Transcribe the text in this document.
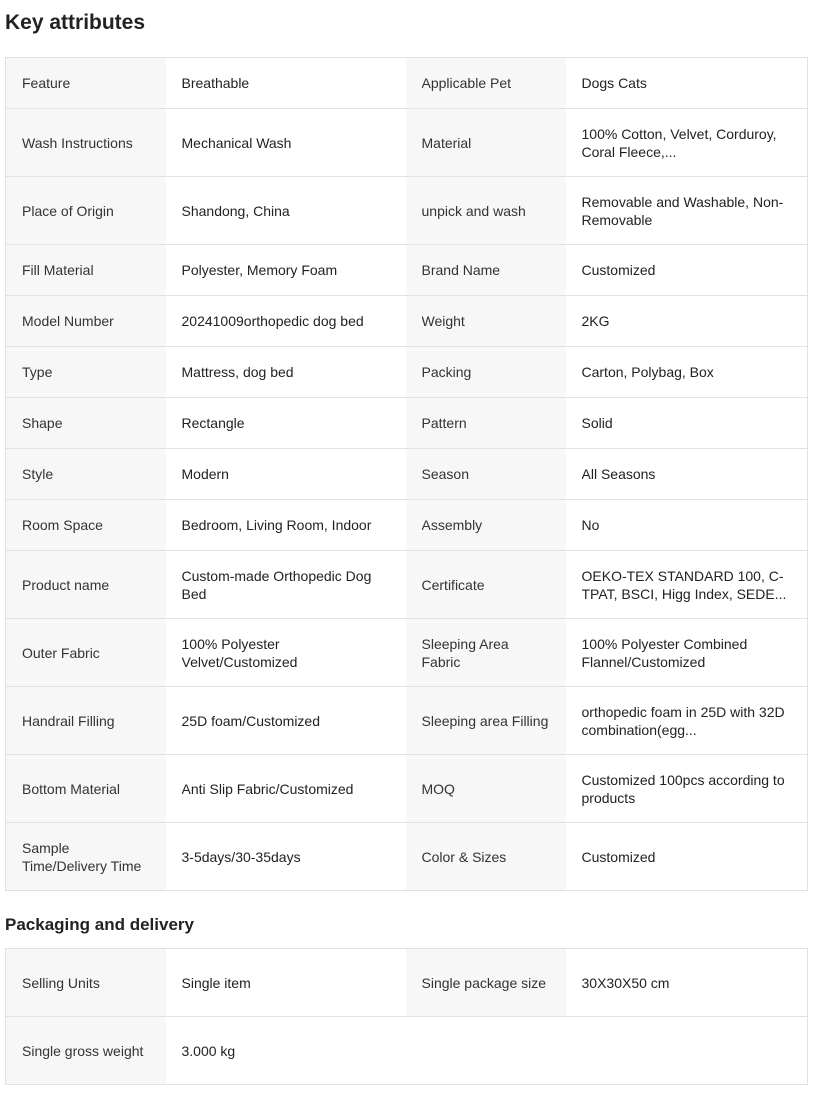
Key attributes
Feature	Breathable	Applicable Pet	Dogs Cats

Wash Instructions	Mechanical Wash	Material	100% Cotton, Velvet, Corduroy, Coral Fleece,...

Place of Origin	Shandong, China	unpick and wash	Removable and Washable, Non-Removable

Fill Material	Polyester, Memory Foam	Brand Name	Customized

Model Number	20241009orthopedic dog bed	Weight	2KG

Type	Mattress, dog bed	Packing	Carton, Polybag, Box

Shape	Rectangle	Pattern	Solid

Style	Modern	Season	All Seasons

Room Space	Bedroom, Living Room, Indoor	Assembly	No

Product name	Custom-made Orthopedic Dog Bed	Certificate	OEKO-TEX STANDARD 100, C-TPAT, BSCI, Higg Index, SEDE...

Outer Fabric	100% Polyester Velvet/Customized	Sleeping Area Fabric	100% Polyester Combined Flannel/Customized

Handrail Filling	25D foam/Customized	Sleeping area Filling	orthopedic foam in 25D with 32D combination(egg...

Bottom Material	Anti Slip Fabric/Customized	MOQ	Customized 100pcs according to products

Sample Time/Delivery Time	3-5days/30-35days	Color & Sizes	Customized
Packaging and delivery
Selling Units	Single item	Single package size	30X30X50 cm

Single gross weight	3.000 kg		
